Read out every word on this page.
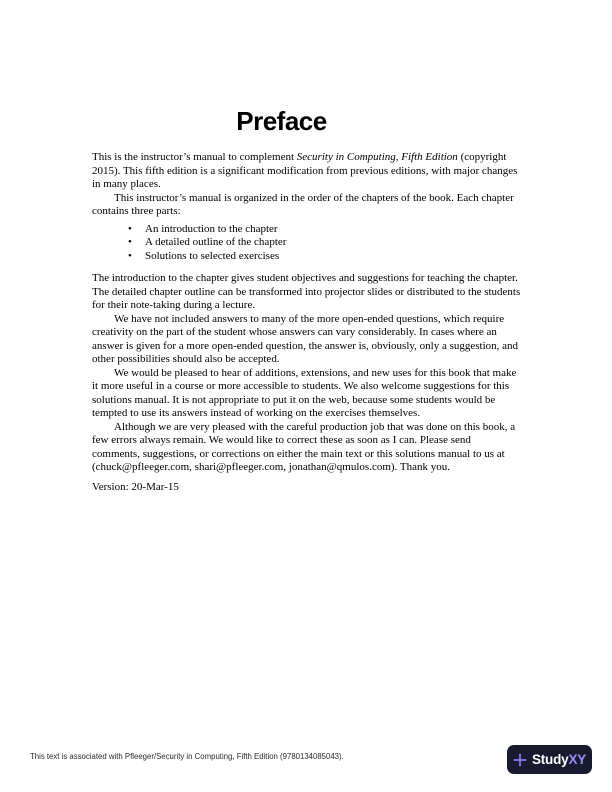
Preface

This is the instructor’s manual to complement Security in Computing, Fifth Edition (copyright 2015). This fifth edition is a significant modification from previous editions, with major changes in many places.

This instructor’s manual is organized in the order of the chapters of the book. Each chapter contains three parts:

• An introduction to the chapter
• A detailed outline of the chapter
• Solutions to selected exercises

The introduction to the chapter gives student objectives and suggestions for teaching the chapter. The detailed chapter outline can be transformed into projector slides or distributed to the students for their note-taking during a lecture.

We have not included answers to many of the more open-ended questions, which require creativity on the part of the student whose answers can vary considerably. In cases where an answer is given for a more open-ended question, the answer is, obviously, only a suggestion, and other possibilities should also be accepted.

We would be pleased to hear of additions, extensions, and new uses for this book that make it more useful in a course or more accessible to students. We also welcome suggestions for this solutions manual. It is not appropriate to put it on the web, because some students would be tempted to use its answers instead of working on the exercises themselves.

Although we are very pleased with the careful production job that was done on this book, a few errors always remain. We would like to correct these as soon as I can. Please send comments, suggestions, or corrections on either the main text or this solutions manual to us at (chuck@pfleeger.com, shari@pfleeger.com, jonathan@qmulos.com). Thank you.

Version: 20-Mar-15

This text is associated with Pfleeger/Security in Computing, Fifth Edition (9780134085043).	StudyXY
